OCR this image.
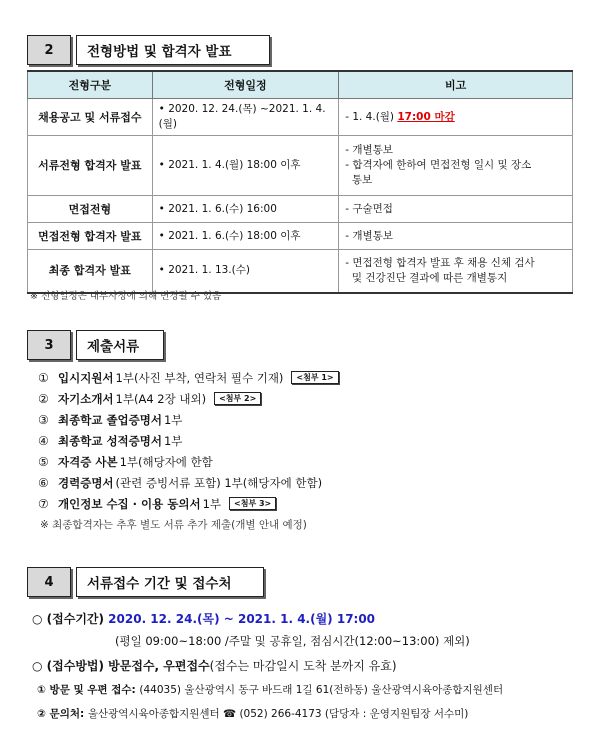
2	전형방법 및 합격자 발표
전형구분	전형일정	비고
채용공고 및 서류접수	• 2020. 12. 24.(목) ~2021. 1. 4.(월)	- 1. 4.(월) 17:00 마감
서류전형 합격자 발표	• 2021. 1. 4.(월) 18:00 이후	- 개별통보
- 합격자에 한하여 면접전형 일시 및 장소
통보

면접전형	• 2021. 1. 6.(수) 16:00	- 구술면접
면접전형 합격자 발표	• 2021. 1. 6.(수) 18:00 이후	- 개별통보
최종 합격자 발표	• 2021. 1. 13.(수)	- 면접전형 합격자 발표 후 채용 신체 검사
및 건강진단 결과에 따른 개별통지
※ 전형일정은 내부사정에 의해 변경될 수 있음
3	제출서류
① 입시지원서 1부(사진 부착, 연락처 필수 기재)	<첨부 1>
② 자기소개서 1부(A4 2장 내외)	<첨부 2>
③ 최종학교 졸업증명서 1부
④ 최종학교 성적증명서 1부
⑤ 자격증 사본 1부(해당자에 한함
⑥ 경력증명서 (관련 증빙서류 포함) 1부(해당자에 한함)
⑦ 개인정보 수집 · 이용 동의서 1부	<첨부 3>
※ 최종합격자는 추후 별도 서류 추가 제출(개별 안내 예정)
4	서류접수 기간 및 접수처
○ (접수기간) 2020. 12. 24.(목) ~ 2021. 1. 4.(월) 17:00
(평일 09:00~18:00 /주말 및 공휴일, 점심시간(12:00~13:00) 제외)
○ (접수방법) 방문접수, 우편접수(접수는 마감일시 도착 분까지 유효)
① 방문 및 우편 접수: (44035) 울산광역시 동구 바드래 1길 61(전하동) 울산광역시육아종합지원센터
② 문의처: 울산광역시육아종합지원센터 ☎ (052) 266-4173 (담당자 : 운영지원팀장 서수미)
